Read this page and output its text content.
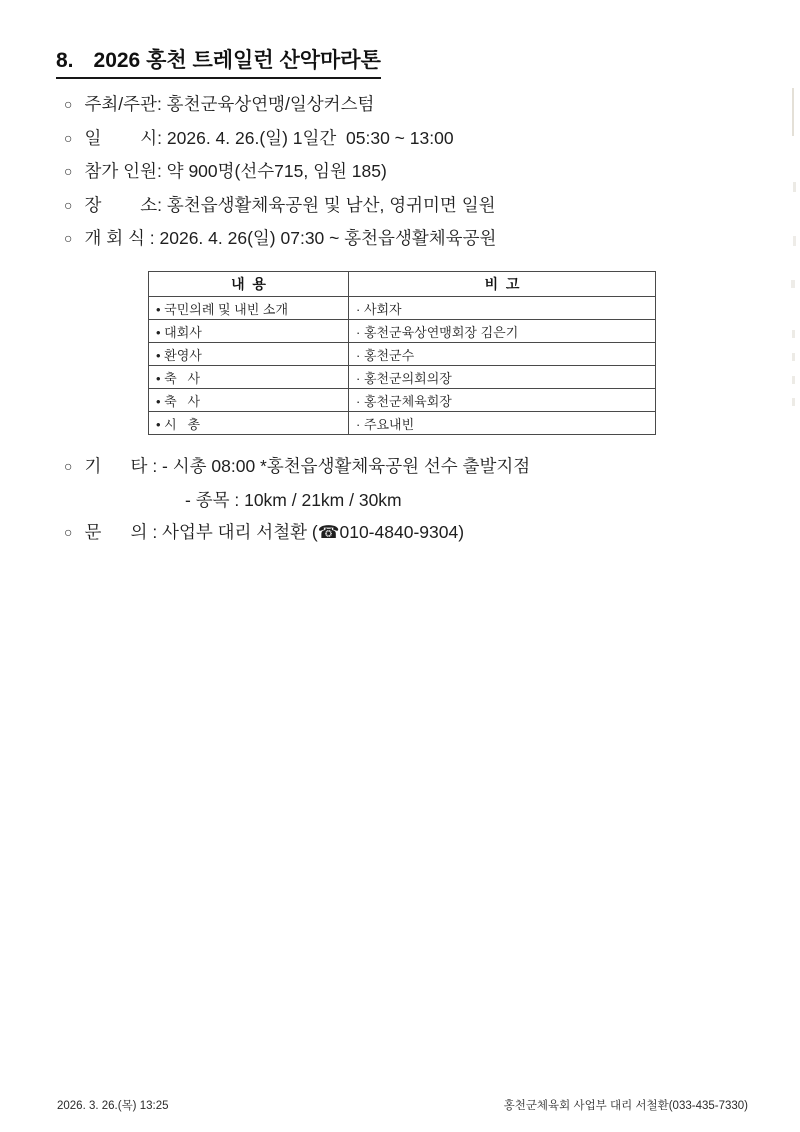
8. 2026 홍천 트레일런 산악마라톤
○ 주최/주관: 홍천군육상연맹/일상커스텀
○ 일        시: 2026. 4. 26.(일) 1일간  05:30 ~ 13:00
○ 참가 인원: 약 900명(선수715, 임원 185)
○ 장        소: 홍천읍생활체육공원 및 남산, 영귀미면 일원
○ 개 회 식 : 2026. 4. 26(일) 07:30 ~ 홍천읍생활체육공원
내  용	비  고
• 국민의례 및 내빈 소개	· 사회자
• 대회사	· 홍천군육상연맹회장 김은기
• 환영사	· 홍천군수
• 축   사	· 홍천군의회의장
• 축   사	· 홍천군체육회장
• 시   총	· 주요내빈
○ 기      타 : - 시총 08:00 *홍천읍생활체육공원 선수 출발지점
- 종목 : 10km / 21km / 30km
○ 문      의 : 사업부 대리 서철환 (☎010-4840-9304)
2026. 3. 26.(목) 13:25	홍천군체육회 사업부 대리 서철환(033-435-7330)
